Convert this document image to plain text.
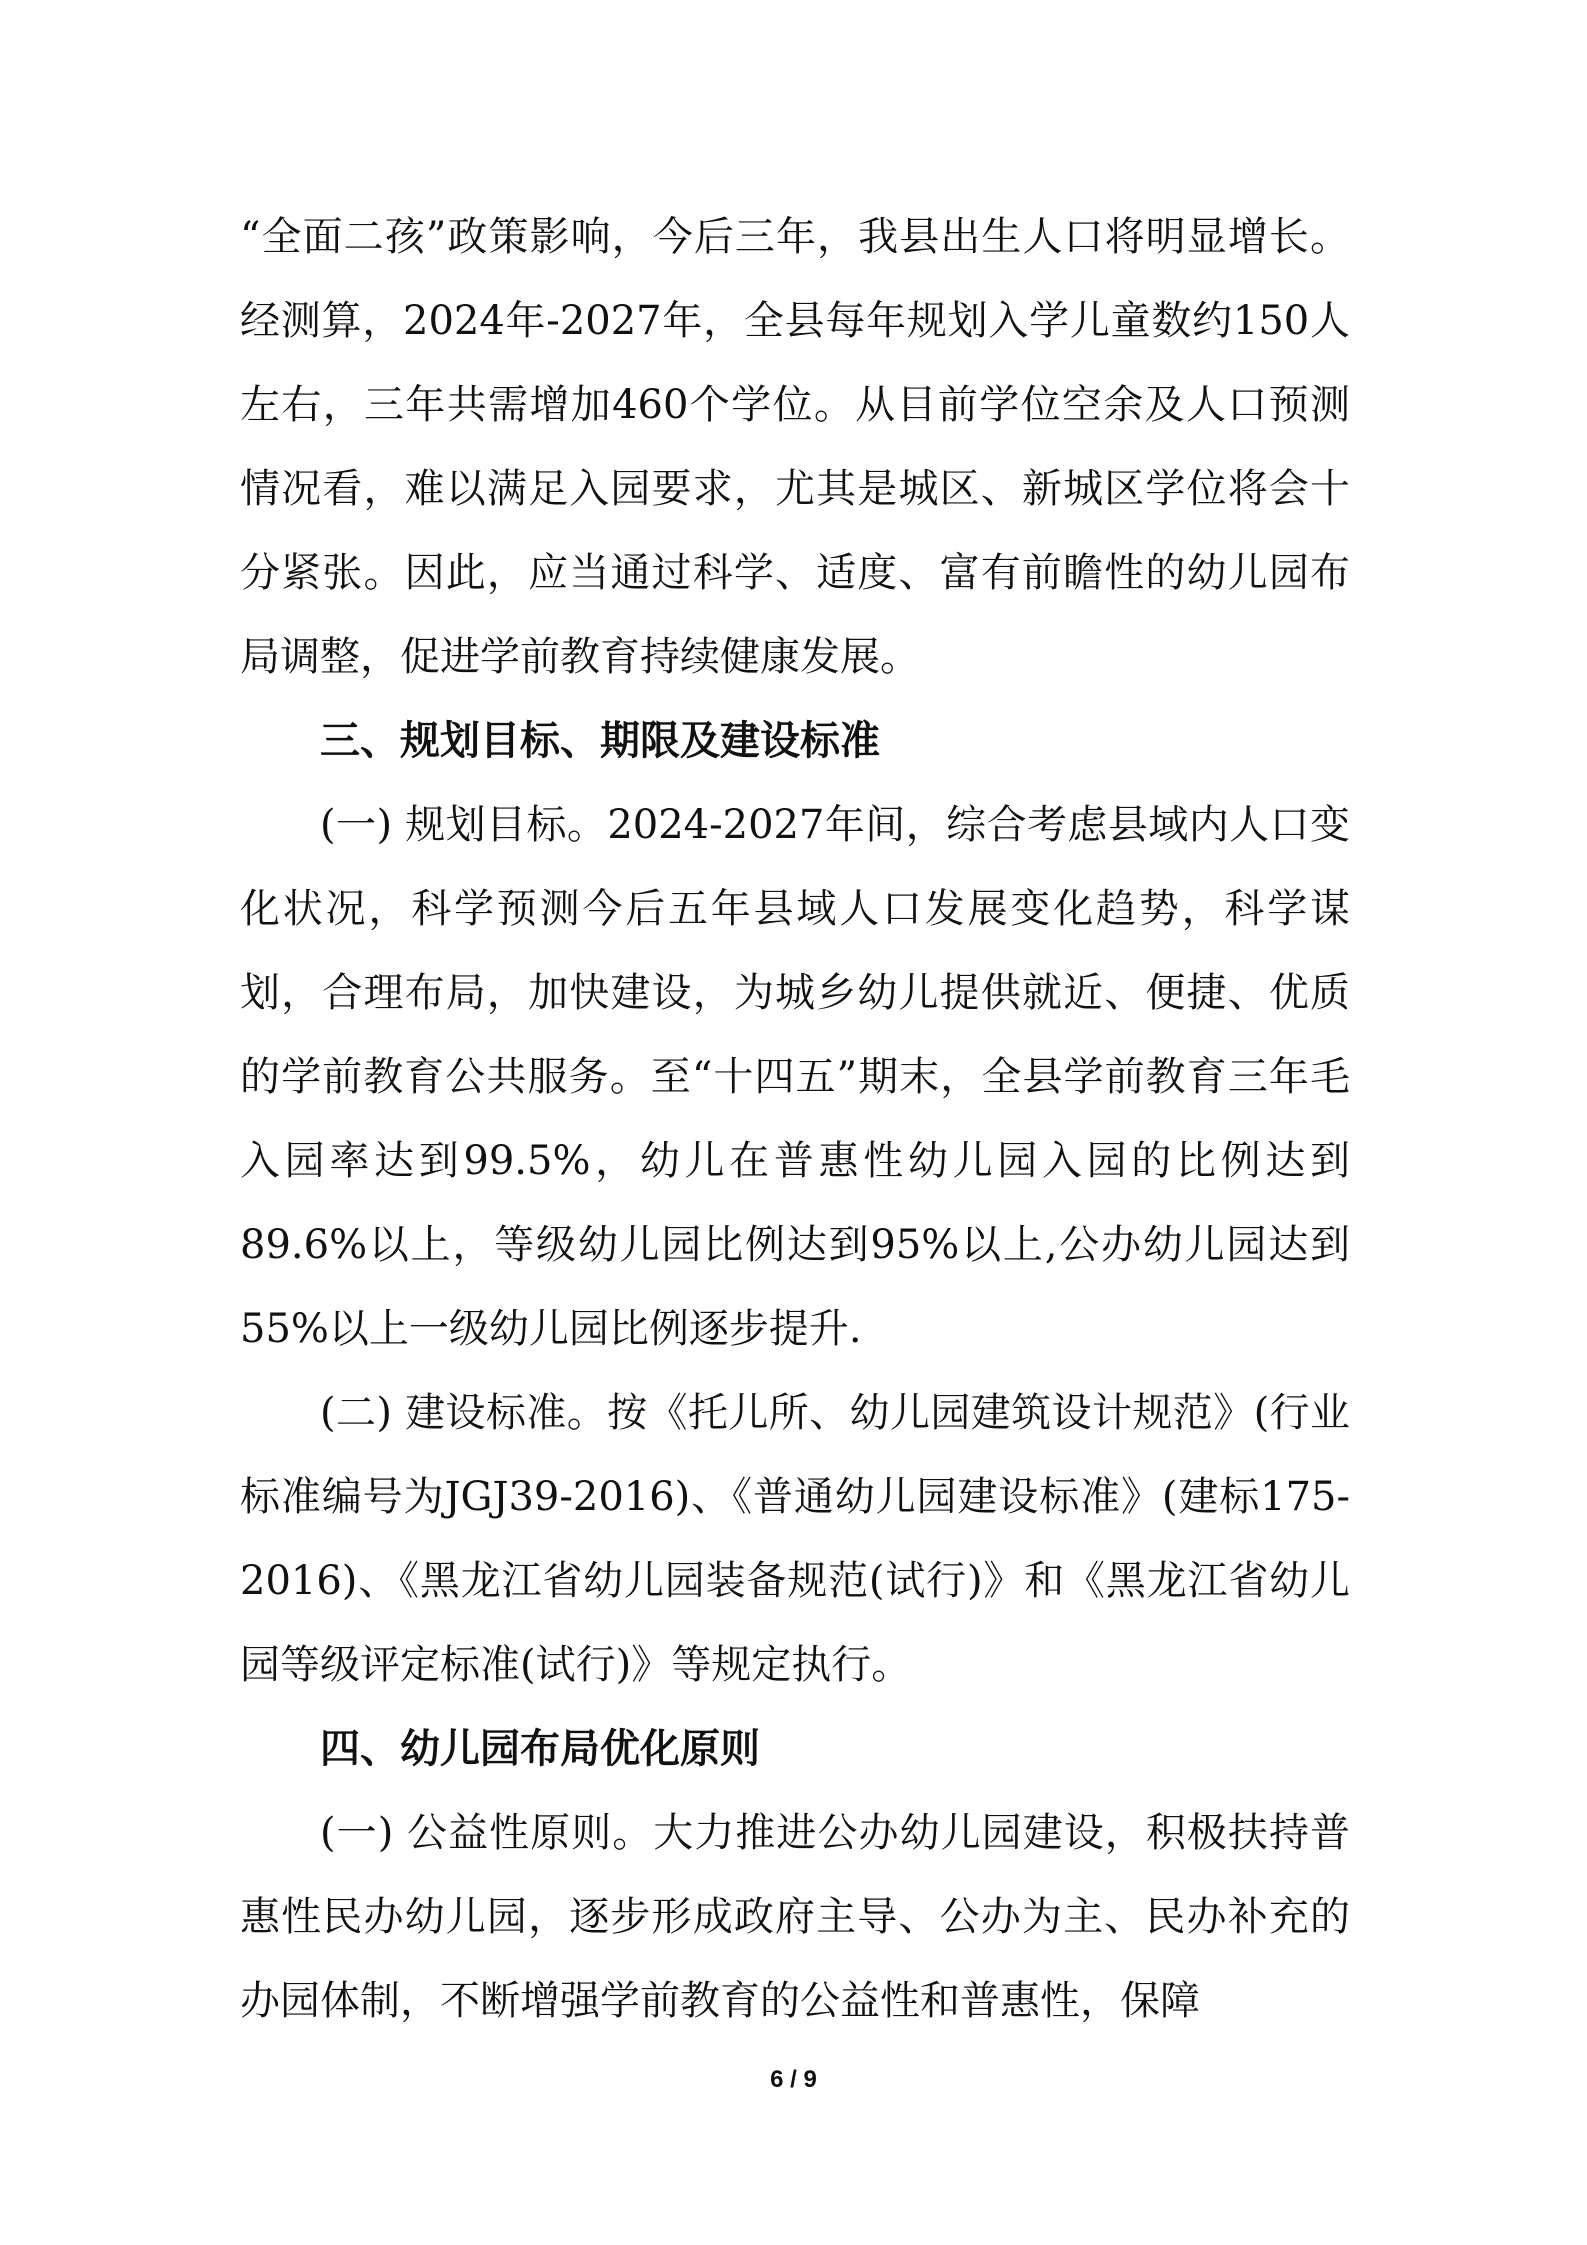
“全面二孩”政策影响，今后三年，我县出生人口将明显增长。经测算，2024年-2027年，全县每年规划入学儿童数约150人左右，三年共需增加460个学位。从目前学位空余及人口预测情况看，难以满足入园要求，尤其是城区、新城区学位将会十分紧张。因此，应当通过科学、适度、富有前瞻性的幼儿园布局调整，促进学前教育持续健康发展。

三、规划目标、期限及建设标准

(一) 规划目标。2024-2027年间，综合考虑县域内人口变化状况，科学预测今后五年县域人口发展变化趋势，科学谋划，合理布局，加快建设，为城乡幼儿提供就近、便捷、优质的学前教育公共服务。至“十四五”期末，全县学前教育三年毛入园率达到99.5%，幼儿在普惠性幼儿园入园的比例达到89.6%以上，等级幼儿园比例达到95%以上,公办幼儿园达到55%以上一级幼儿园比例逐步提升.

(二) 建设标准。按《托儿所、幼儿园建筑设计规范》(行业标准编号为JGJ39-2016)、《普通幼儿园建设标准》(建标175-2016)、《黑龙江省幼儿园装备规范(试行)》和《黑龙江省幼儿园等级评定标准(试行)》等规定执行。

四、幼儿园布局优化原则

(一) 公益性原则。大力推进公办幼儿园建设，积极扶持普惠性民办幼儿园，逐步形成政府主导、公办为主、民办补充的办园体制，不断增强学前教育的公益性和普惠性，保障

6 / 9
